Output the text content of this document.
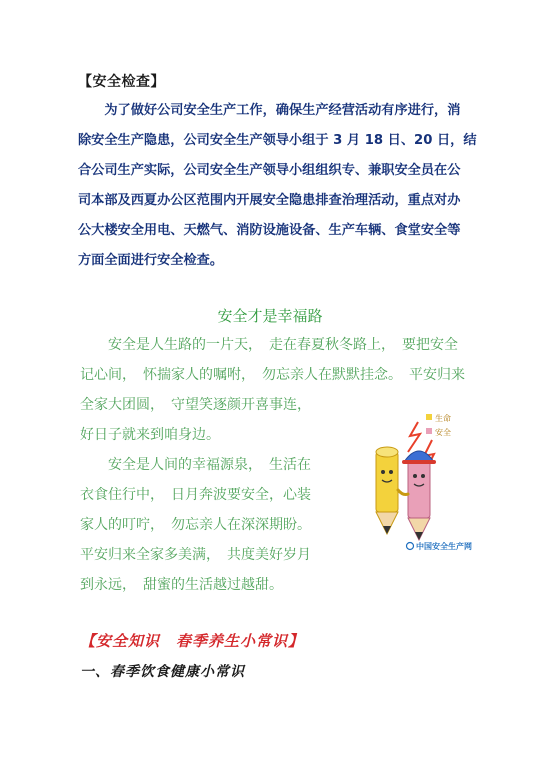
【安全检查】
　　为了做好公司安全生产工作，确保生产经营活动有序进行，消
除安全生产隐患，公司安全生产领导小组于 3 月 18 日、20 日，结
合公司生产实际，公司安全生产领导小组组织专、兼职安全员在公
司本部及西夏办公区范围内开展安全隐患排查治理活动，重点对办
公大楼安全用电、天燃气、消防设施设备、生产车辆、食堂安全等
方面全面进行安全检查。
安全才是幸福路
　　安全是人生路的一片天，　走在春夏秋冬路上，　要把安全
记心间，　怀揣家人的嘱咐，　勿忘亲人在默默挂念。　平安归来
全家大团圆，　守望笑逐颜开喜事连，
好日子就来到咱身边。
　　安全是人间的幸福源泉，　生活在
衣食住行中，　日月奔波要安全，心装
家人的叮咛，　勿忘亲人在深深期盼。
平安归来全家多美满，　共度美好岁月
到永远，　甜蜜的生活越过越甜。
生命
安全
中国安全生产网
【安全知识　春季养生小常识】
一、春季饮食健康小常识
